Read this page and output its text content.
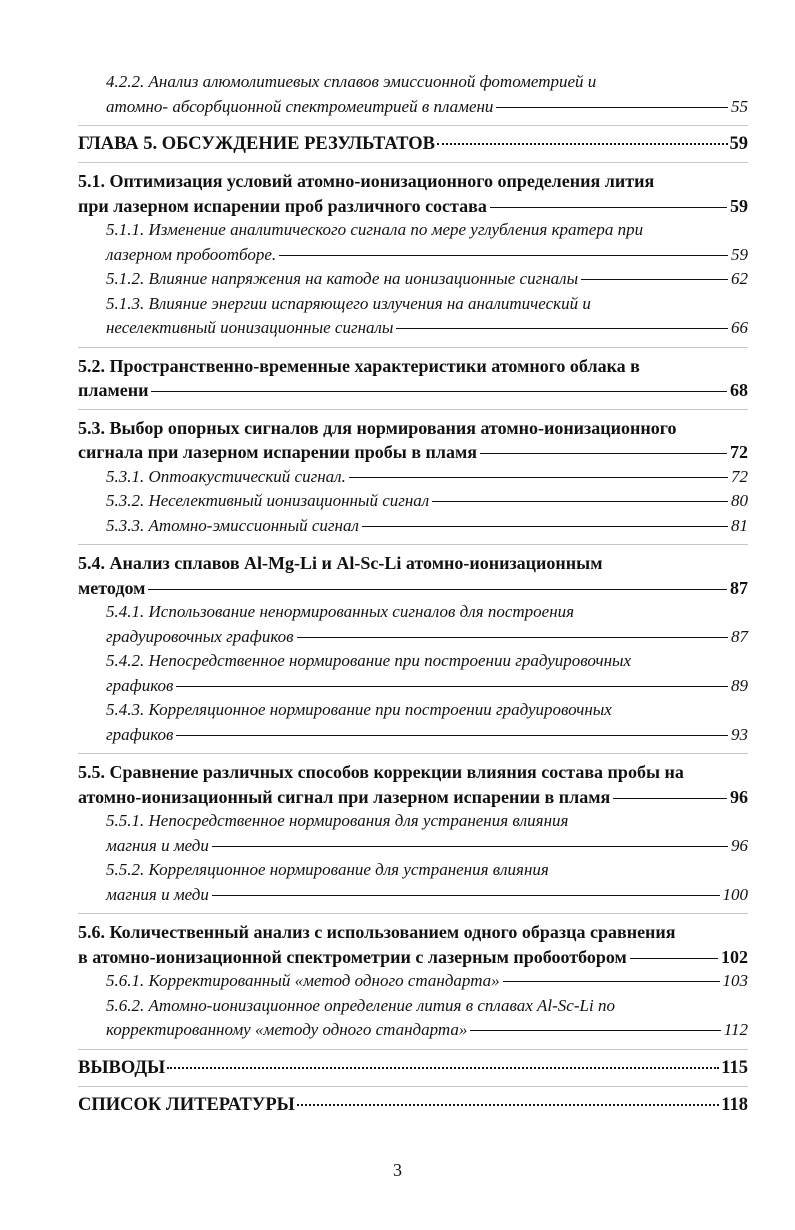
4.2.2. Анализ алюмолитиевых сплавов эмиссионной фотометрией и

атомно- абсорбционной спектромеитрией в пламени	55
ГЛАВА 5. ОБСУЖДЕНИЕ РЕЗУЛЬТАТОВ	59
5.1. Оптимизация условий атомно-ионизационного определения лития

при лазерном испарении проб различного состава	59
5.1.1. Изменение аналитического сигнала по мере углубления кратера при

лазерном пробоотборе.	59
5.1.2. Влияние напряжения на катоде на ионизационные сигналы	62
5.1.3. Влияние энергии испаряющего излучения на аналитический и

неселективный ионизационные сигналы	66
5.2. Пространственно-временные характеристики атомного облака в

пламени	68
5.3. Выбор опорных сигналов для нормирования атомно-ионизационного

сигнала при лазерном испарении пробы в пламя	72
5.3.1. Оптоакустический сигнал.	72
5.3.2. Неселективный ионизационный сигнал	80
5.3.3. Атомно-эмиссионный сигнал	81
5.4. Анализ сплавов Al-Mg-Li и Al-Sc-Li атомно-ионизационным

методом	87
5.4.1. Использование ненормированных сигналов для построения

градуировочных графиков	87
5.4.2. Непосредственное нормирование при построении градуировочных

графиков	89
5.4.3. Корреляционное нормирование при построении градуировочных

графиков	93
5.5. Сравнение различных способов коррекции влияния состава пробы на

атомно-ионизационный сигнал при лазерном испарении в пламя	96
5.5.1. Непосредственное нормирования для устранения влияния

магния и меди	96
5.5.2. Корреляционное нормирование для устранения влияния

магния и меди	100
5.6. Количественный анализ с использованием одного образца сравнения

в атомно-ионизационной спектрометрии с лазерным пробоотбором	102
5.6.1. Корректированный «метод одного стандарта»	103
5.6.2. Атомно-ионизационное определение лития в сплавах Al-Sc-Li по

корректированному «методу одного стандарта»	112
ВЫВОДЫ	115
СПИСОК ЛИТЕРАТУРЫ	118
3
